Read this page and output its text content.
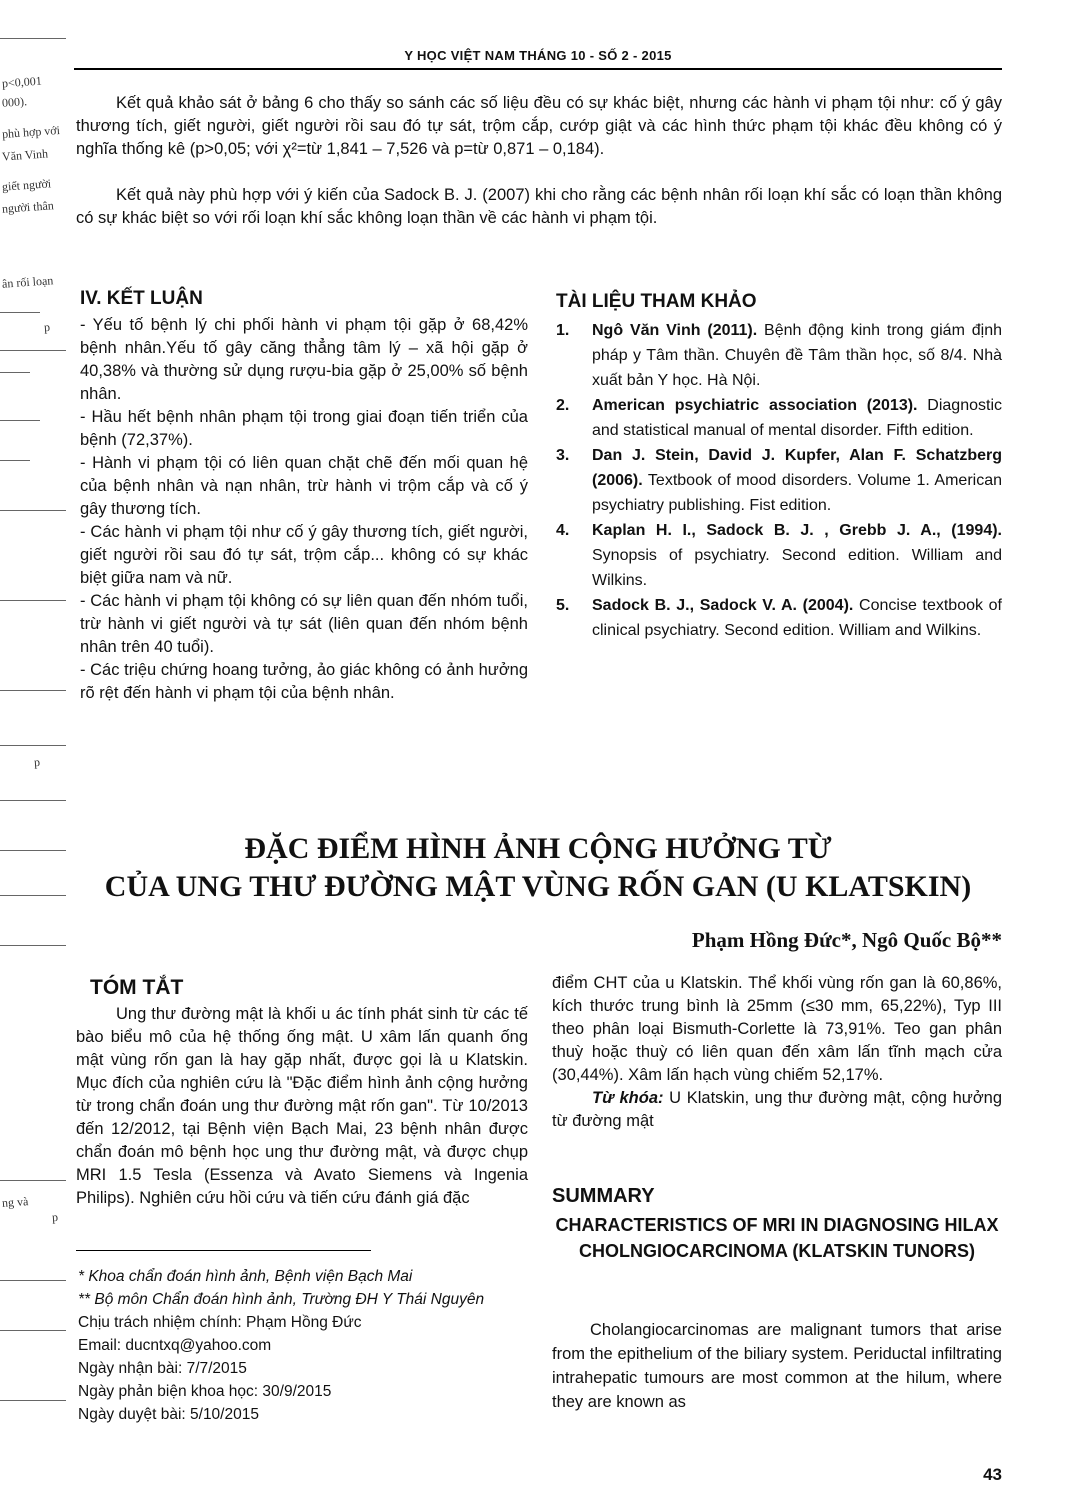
p<0,001
000).
phù hợp với
Văn Vinh
giết người
người thân
ân rối loạn
p
p
p
ng và
Y HỌC VIỆT NAM THÁNG 10 - SỐ 2 - 2015

Kết quả khảo sát ở bảng 6 cho thấy so sánh các số liệu đều có sự khác biệt, nhưng các hành vi phạm tội như: cố ý gây thương tích, giết người, giết người rồi sau đó tự sát, trộm cắp, cướp giật và các hình thức phạm tội khác đều không có ý nghĩa thống kê (p>0,05; với χ²=từ 1,841 – 7,526 và p=từ 0,871 – 0,184).

Kết quả này phù hợp với ý kiến của Sadock B. J. (2007) khi cho rằng các bệnh nhân rối loạn khí sắc có loạn thần không có sự khác biệt so với rối loạn khí sắc không loạn thần về các hành vi phạm tội.

IV. KẾT LUẬN

- Yếu tố bệnh lý chi phối hành vi phạm tội gặp ở 68,42% bệnh nhân.Yếu tố gây căng thẳng tâm lý – xã hội gặp ở 40,38% và thường sử dụng rượu-bia gặp ở 25,00% số bệnh nhân.

- Hầu hết bệnh nhân phạm tội trong giai đoạn tiến triển của bệnh (72,37%).

- Hành vi phạm tội có liên quan chặt chẽ đến mối quan hệ của bệnh nhân và nạn nhân, trừ hành vi trộm cắp và cố ý gây thương tích.

- Các hành vi phạm tội như cố ý gây thương tích, giết người, giết người rồi sau đó tự sát, trộm cắp... không có sự khác biệt giữa nam và nữ.

- Các hành vi phạm tội không có sự liên quan đến nhóm tuổi, trừ hành vi giết người và tự sát (liên quan đến nhóm bệnh nhân trên 40 tuổi).

- Các triệu chứng hoang tưởng, ảo giác không có ảnh hưởng rõ rệt đến hành vi phạm tội của bệnh nhân.

TÀI LIỆU THAM KHẢO
1.	Ngô Văn Vinh (2011). Bệnh động kinh trong giám định pháp y Tâm thần. Chuyên đề Tâm thần học, số 8/4. Nhà xuất bản Y học. Hà Nội.
2.	American psychiatric association (2013). Diagnostic and statistical manual of mental disorder. Fifth edition.
3.	Dan J. Stein, David J. Kupfer, Alan F. Schatzberg (2006). Textbook of mood disorders. Volume 1. American psychiatry publishing. Fist edition.
4.	Kaplan H. I., Sadock B. J. , Grebb J. A., (1994). Synopsis of psychiatry. Second edition. William and Wilkins.
5.	Sadock B. J., Sadock V. A. (2004). Concise textbook of clinical psychiatry. Second edition. William and Wilkins.
ĐẶC ĐIỂM HÌNH ẢNH CỘNG HƯỞNG TỪ
CỦA UNG THƯ ĐƯỜNG MẬT VÙNG RỐN GAN (U KLATSKIN)
Phạm Hồng Đức*, Ngô Quốc Bộ**
TÓM TẮT

Ung thư đường mật là khối u ác tính phát sinh từ các tế bào biểu mô của hệ thống ống mật. U xâm lấn quanh ống mật vùng rốn gan là hay gặp nhất, được gọi là u Klatskin. Mục đích của nghiên cứu là "Đặc điểm hình ảnh cộng hưởng từ trong chẩn đoán ung thư đường mật rốn gan". Từ 10/2013 đến 12/2012, tại Bệnh viện Bạch Mai, 23 bệnh nhân được chẩn đoán mô bệnh học ung thư đường mật, và được chụp MRI 1.5 Tesla (Essenza và Avato Siemens và Ingenia Philips). Nghiên cứu hồi cứu và tiến cứu đánh giá đặc

điểm CHT của u Klatskin. Thể khối vùng rốn gan là 60,86%, kích thước trung bình là 25mm (≤30 mm, 65,22%), Typ III theo phân loại Bismuth-Corlette là 73,91%. Teo gan phân thuỳ hoặc thuỳ có liên quan đến xâm lấn tĩnh mạch cửa (30,44%). Xâm lấn hạch vùng chiếm 52,17%.

Từ khóa: U Klatskin, ung thư đường mật, cộng hưởng từ đường mật

SUMMARY
CHARACTERISTICS OF MRI IN DIAGNOSING HILAX CHOLNGIOCARCINOMA (KLATSKIN TUNORS)

Cholangiocarcinomas are malignant tumors that arise from the epithelium of the biliary system. Periductal infiltrating intrahepatic tumours are most common at the hilum, where they are known as

* Khoa chẩn đoán hình ảnh, Bệnh viện Bạch Mai
** Bộ môn Chẩn đoán hình ảnh, Trường ĐH Y Thái Nguyên
Chịu trách nhiệm chính: Phạm Hồng Đức
Email: ducntxq@yahoo.com
Ngày nhận bài: 7/7/2015
Ngày phản biện khoa học: 30/9/2015
Ngày duyệt bài: 5/10/2015
43
